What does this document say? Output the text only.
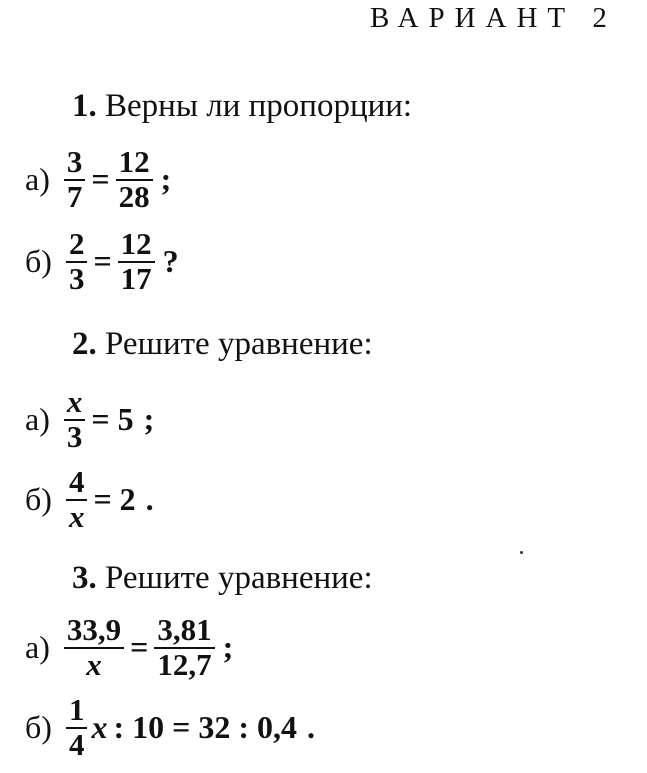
ВАРИАНТ 2
1. Верны ли пропорции:
$а) \frac{3}{7} = \frac{12}{28}$ ;
$б) \frac{2}{3} = \frac{12}{17}$ ?
2. Решите уравнение:
$а) \frac{x}{3} = 5$ ;
$б) \frac{4}{x} = 2$ .
3. Решите уравнение:
$а) \frac{33,9}{x} = \frac{3,81}{12,7}$ ;
$б) \frac{1}{4}$ x : 10 = 32 : 0,4 .
